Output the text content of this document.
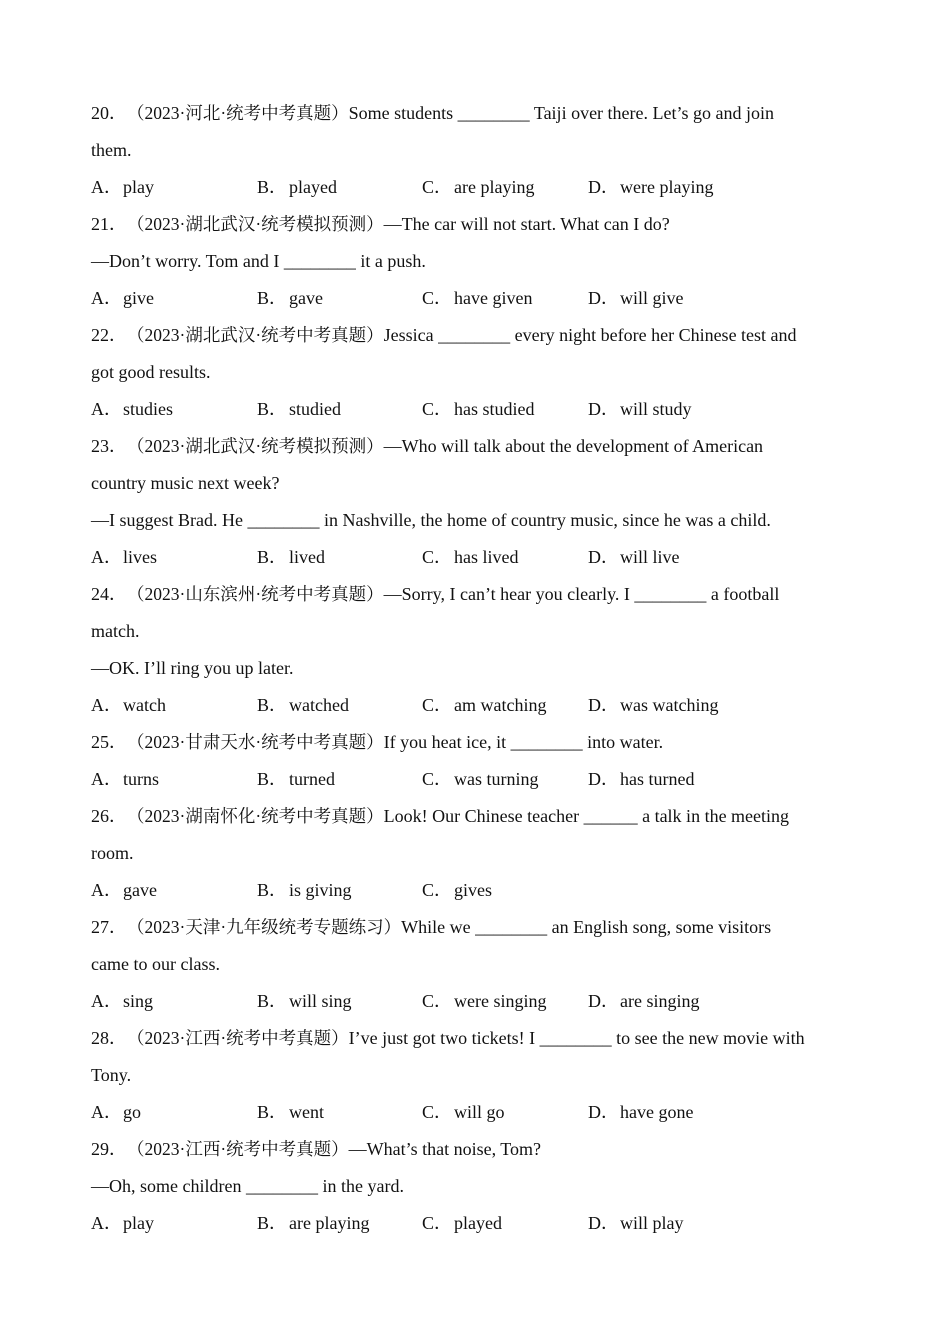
20．（2023·河北·统考中考真题）Some students ________ Taiji over there. Let’s go and join
them.
A．play	B． played	C． are playing	D．were playing
21．（2023·湖北武汉·统考模拟预测）—The car will not start. What can I do?
—Don’t worry. Tom and I ________ it a push.
A．give	B． gave	C． have given	D．will give
22．（2023·湖北武汉·统考中考真题）Jessica ________ every night before her Chinese test and
got good results.
A．studies	B． studied	C． has studied	D．will study
23．（2023·湖北武汉·统考模拟预测）—Who will talk about the development of American
country music next week?
—I suggest Brad. He ________ in Nashville, the home of country music, since he was a child.
A．lives	B． lived	C． has lived	D．will live
24．（2023·山东滨州·统考中考真题）—Sorry, I can’t hear you clearly. I ________ a football
match.
—OK. I’ll ring you up later.
A．watch	B． watched	C． am watching D．was watching
25．（2023·甘肃天水·统考中考真题）If you heat ice, it ________ into water.
A．turns	B． turned	C． was turning	D．has turned
26．（2023·湖南怀化·统考中考真题）Look! Our Chinese teacher ______ a talk in the meeting
room.
A．gave	B． is giving	C． gives
27．（2023·天津·九年级统考专题练习）While we ________ an English song, some visitors
came to our class.
A．sing	B． will sing	C． were singing D．are singing
28．（2023·江西·统考中考真题）I’ve just got two tickets! I ________ to see the new movie with
Tony.
A．go	B． went	C． will go	D．have gone
29．（2023·江西·统考中考真题）—What’s that noise, Tom?
—Oh, some children ________ in the yard.
A．play	B． are playing	C． played	D．will play
